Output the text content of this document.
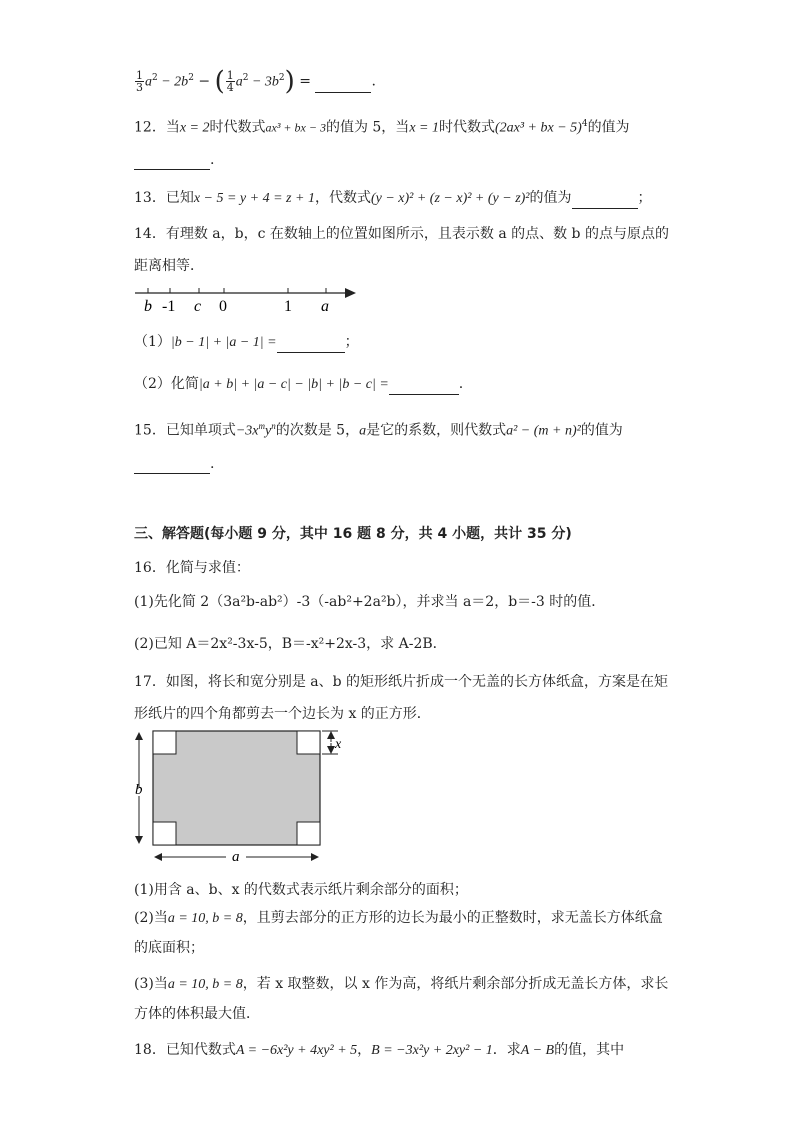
$\frac{1}{3} a^2 - 2b^2$ − ( $\frac{1}{4} a^2 - 3b^2$) =	.
12．当x = 2时代数式ax³ + bx − 3的值为 5，当x = 1时代数式(2ax³ + bx − 5)$^4$的值为
.
13．已知x − 5 = y + 4 = z + 1，代数式(y − x)² + (z − x)² + (y − z)²的值为	；
14．有理数 a，b，c 在数轴上的位置如图所示，且表示数 a 的点、数 b 的点与原点的
距离相等．
b -1 c 0	1 a
（1）|b − 1| + |a − 1| =	；
（2）化简|a + b| + |a − c| − |b| + |b − c| =	.
15．已知单项式$-3x^my^n$的次数是 5，a是它的系数，则代数式a² − (m + n)²的值为
.
三、解答题(每小题 9 分，其中 16 题 8 分，共 4 小题，共计 35 分)
16．化简与求值：
(1)先化简 2（3a²b-ab²）-3（-ab²+2a²b），并求当 a＝2，b＝-3 时的值．
(2)已知 A＝2x²-3x-5，B＝-x²+2x-3，求 A-2B．
17．如图，将长和宽分别是 a、b 的矩形纸片折成一个无盖的长方体纸盒，方案是在矩
形纸片的四个角都剪去一个边长为 x 的正方形．
b
a
x
(1)用含 a、b、x 的代数式表示纸片剩余部分的面积；
(2)当a = 10, b = 8，且剪去部分的正方形的边长为最小的正整数时，求无盖长方体纸盒
的底面积；
(3)当a = 10, b = 8，若 x 取整数，以 x 作为高，将纸片剩余部分折成无盖长方体，求长
方体的体积最大值．
18．已知代数式A = −6x²y + 4xy² + 5，B = −3x²y + 2xy² − 1．求A − B的值，其中
